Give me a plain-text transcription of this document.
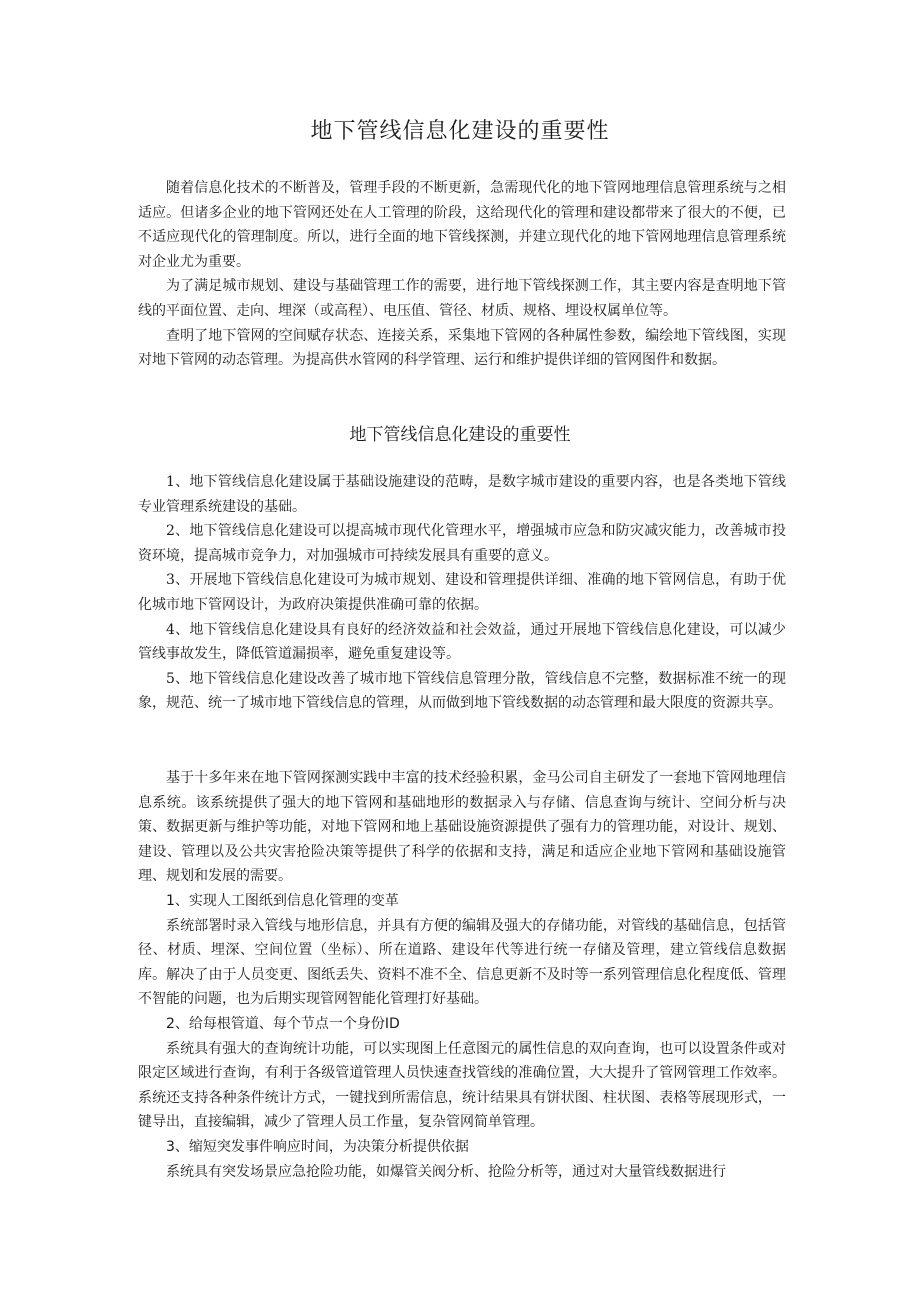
地下管线信息化建设的重要性

随着信息化技术的不断普及，管理手段的不断更新，急需现代化的地下管网地理信息管理系统与之相适应。但诸多企业的地下管网还处在人工管理的阶段，这给现代化的管理和建设都带来了很大的不便，已不适应现代化的管理制度。所以，进行全面的地下管线探测，并建立现代化的地下管网地理信息管理系统对企业尤为重要。

为了满足城市规划、建设与基础管理工作的需要，进行地下管线探测工作，其主要内容是查明地下管线的平面位置、走向、埋深（或高程）、电压值、管径、材质、规格、埋设权属单位等。

查明了地下管网的空间赋存状态、连接关系，采集地下管网的各种属性参数，编绘地下管线图，实现对地下管网的动态管理。为提高供水管网的科学管理、运行和维护提供详细的管网图件和数据。

地下管线信息化建设的重要性

1、地下管线信息化建设属于基础设施建设的范畴，是数字城市建设的重要内容，也是各类地下管线专业管理系统建设的基础。

2、地下管线信息化建设可以提高城市现代化管理水平，增强城市应急和防灾减灾能力，改善城市投资环境，提高城市竞争力，对加强城市可持续发展具有重要的意义。

3、开展地下管线信息化建设可为城市规划、建设和管理提供详细、准确的地下管网信息，有助于优化城市地下管网设计，为政府决策提供准确可靠的依据。

4、地下管线信息化建设具有良好的经济效益和社会效益，通过开展地下管线信息化建设，可以减少管线事故发生，降低管道漏损率，避免重复建设等。

5、地下管线信息化建设改善了城市地下管线信息管理分散，管线信息不完整，数据标准不统一的现象，规范、统一了城市地下管线信息的管理，从而做到地下管线数据的动态管理和最大限度的资源共享。

基于十多年来在地下管网探测实践中丰富的技术经验积累，金马公司自主研发了一套地下管网地理信息系统。该系统提供了强大的地下管网和基础地形的数据录入与存储、信息查询与统计、空间分析与决策、数据更新与维护等功能，对地下管网和地上基础设施资源提供了强有力的管理功能，对设计、规划、建设、管理以及公共灾害抢险决策等提供了科学的依据和支持，满足和适应企业地下管网和基础设施管理、规划和发展的需要。

1、实现人工图纸到信息化管理的变革

系统部署时录入管线与地形信息，并具有方便的编辑及强大的存储功能，对管线的基础信息，包括管径、材质、埋深、空间位置（坐标）、所在道路、建设年代等进行统一存储及管理，建立管线信息数据库。解决了由于人员变更、图纸丢失、资料不准不全、信息更新不及时等一系列管理信息化程度低、管理不智能的问题，也为后期实现管网智能化管理打好基础。

2、给每根管道、每个节点一个身份ID

系统具有强大的查询统计功能，可以实现图上任意图元的属性信息的双向查询，也可以设置条件或对限定区域进行查询，有利于各级管道管理人员快速查找管线的准确位置，大大提升了管网管理工作效率。系统还支持各种条件统计方式，一键找到所需信息，统计结果具有饼状图、柱状图、表格等展现形式，一键导出，直接编辑，减少了管理人员工作量，复杂管网简单管理。

3、缩短突发事件响应时间，为决策分析提供依据

系统具有突发场景应急抢险功能，如爆管关阀分析、抢险分析等，通过对大量管线数据进行
